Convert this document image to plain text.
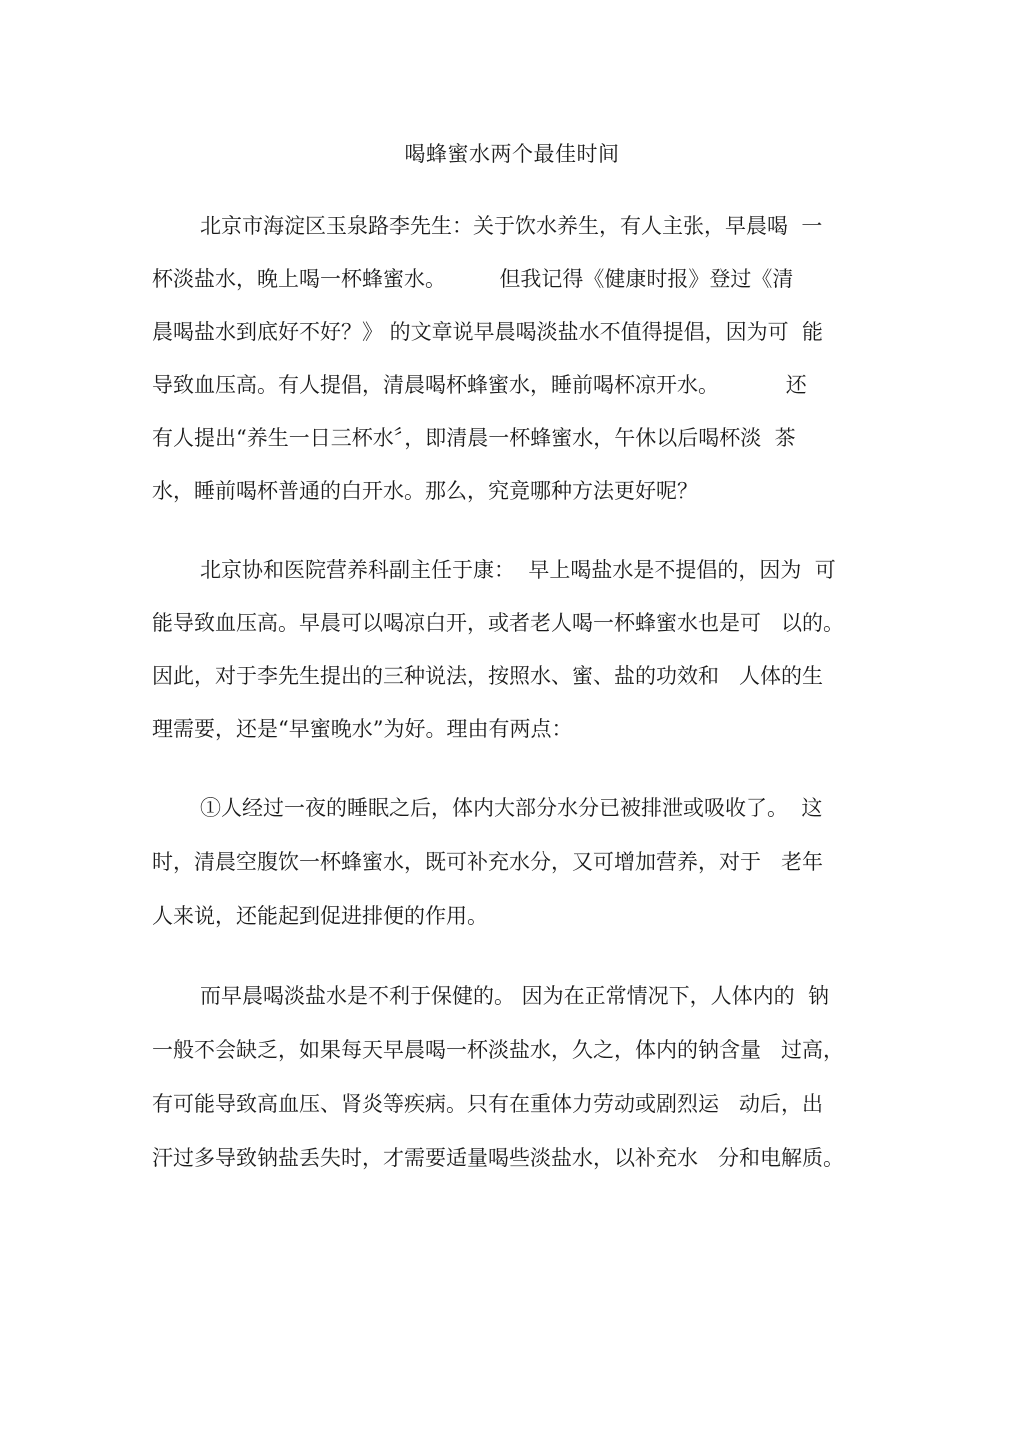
喝蜂蜜水两个最佳时间
北京市海淀区玉泉路李先生：关于饮水养生，有人主张，早晨喝  一
杯淡盐水，晚上喝一杯蜂蜜水。        但我记得《健康时报》登过《清
晨喝盐水到底好不好？》 的文章说早晨喝淡盐水不值得提倡，因为可  能
导致血压高。有人提倡，清晨喝杯蜂蜜水，睡前喝杯凉开水。          还
有人提出“养生一日三杯水〞，即清晨一杯蜂蜜水，午休以后喝杯淡  茶
水，睡前喝杯普通的白开水。那么，究竟哪种方法更好呢？
北京协和医院营养科副主任于康：  早上喝盐水是不提倡的，因为  可
能导致血压高。早晨可以喝凉白开，或者老人喝一杯蜂蜜水也是可   以的。
因此，对于李先生提出的三种说法，按照水、蜜、盐的功效和   人体的生
理需要，还是“早蜜晚水”为好。理由有两点：
①人经过一夜的睡眠之后，体内大部分水分已被排泄或吸收了。  这
时，清晨空腹饮一杯蜂蜜水，既可补充水分，又可增加营养，对于   老年
人来说，还能起到促进排便的作用。
而早晨喝淡盐水是不利于保健的。 因为在正常情况下，人体内的  钠
一般不会缺乏，如果每天早晨喝一杯淡盐水，久之，体内的钠含量   过高，
有可能导致高血压、肾炎等疾病。只有在重体力劳动或剧烈运   动后，出
汗过多导致钠盐丢失时，才需要适量喝些淡盐水，以补充水   分和电解质。
